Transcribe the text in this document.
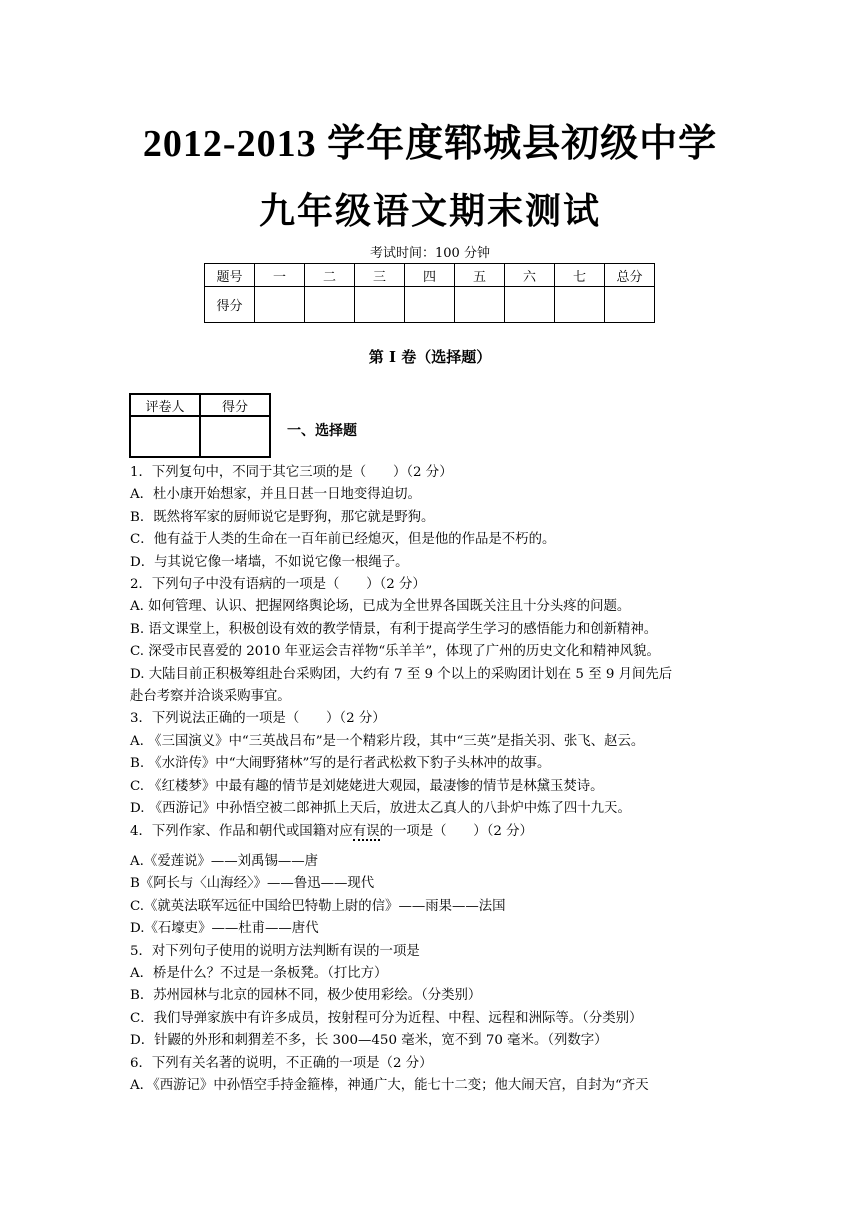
2012-2013 学年度郓城县初级中学
九年级语文期末测试
考试时间：100 分钟
题号	一	二	三	四	五	六	七	总分
得分								
第 I 卷（选择题）
评卷人	得分

一、选择题
1．下列复句中，不同于其它三项的是（　　）（2 分）
A．杜小康开始想家，并且日甚一日地变得迫切。
B．既然将军家的厨师说它是野狗，那它就是野狗。
C．他有益于人类的生命在一百年前已经熄灭，但是他的作品是不朽的。
D．与其说它像一堵墙，不如说它像一根绳子。
2．下列句子中没有语病的一项是（　　）（2 分）
A. 如何管理、认识、把握网络舆论场，已成为全世界各国既关注且十分头疼的问题。
B. 语文课堂上，积极创设有效的教学情景，有利于提高学生学习的感悟能力和创新精神。
C. 深受市民喜爱的 2010 年亚运会吉祥物“乐羊羊”，体现了广州的历史文化和精神风貌。
D. 大陆目前正积极筹组赴台采购团，大约有 7 至 9 个以上的采购团计划在 5 至 9 月间先后
赴台考察并洽谈采购事宜。
3．下列说法正确的一项是（　　）（2 分）
A. 《三国演义》中“三英战吕布”是一个精彩片段，其中“三英”是指关羽、张飞、赵云。
B. 《水浒传》中“大闹野猪林”写的是行者武松救下豹子头林冲的故事。
C. 《红楼梦》中最有趣的情节是刘姥姥进大观园，最凄惨的情节是林黛玉焚诗。
D. 《西游记》中孙悟空被二郎神抓上天后，放进太乙真人的八卦炉中炼了四十九天。
4．下列作家、作品和朝代或国籍对应有误的一项是（　　）（2 分）
A.《爱莲说》——刘禹锡——唐
B《阿长与〈山海经〉》——鲁迅——现代
C.《就英法联军远征中国给巴特勒上尉的信》——雨果——法国
D.《石壕吏》——杜甫——唐代
5．对下列句子使用的说明方法判断有误的一项是
A．桥是什么？不过是一条板凳。（打比方）
B．苏州园林与北京的园林不同，极少使用彩绘。（分类别）
C．我们导弹家族中有许多成员，按射程可分为近程、中程、远程和洲际等。（分类别）
D．针鼹的外形和刺猬差不多，长 300—450 毫米，宽不到 70 毫米。（列数字）
6．下列有关名著的说明，不正确的一项是（2 分）
A．《西游记》中孙悟空手持金箍棒，神通广大，能七十二变；他大闹天宫，自封为“齐天
